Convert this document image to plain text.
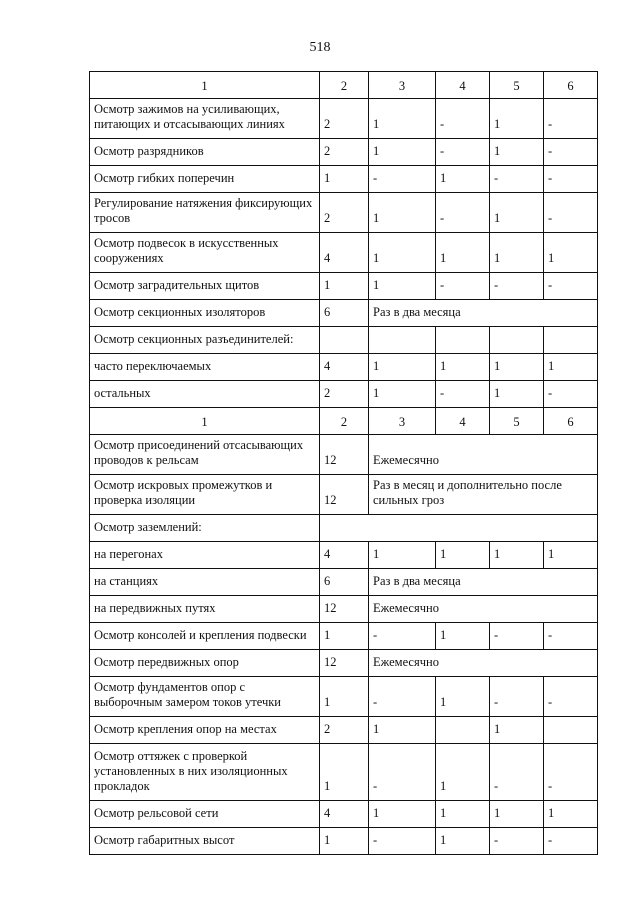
518
1	2	3	4	5	6
Осмотр зажимов на усиливающих, питающих и отсасывающих линиях	2	1	-	1	-
Осмотр разрядников	2	1	-	1	-
Осмотр гибких поперечин	1	-	1	-	-
Регулирование натяжения фиксирующих тросов	2	1	-	1	-
Осмотр подвесок в искусственных сооружениях	4	1	1	1	1
Осмотр заградительных щитов	1	1	-	-	-
Осмотр секционных изоляторов	6	Раз в два месяца			
Осмотр секционных разъединителей:					
часто переключаемых	4	1	1	1	1
остальных	2	1	-	1	-
1	2	3	4	5	6
Осмотр присоединений отсасывающих проводов к рельсам	12	Ежемесячно			
Осмотр искровых промежутков и проверка изоляции	12	Раз в месяц и дополнительно после сильных гроз			
Осмотр заземлений:					
на перегонах	4	1	1	1	1
на станциях	6	Раз в два месяца			
на передвижных путях	12	Ежемесячно			
Осмотр консолей и крепления подвески	1	-	1	-	-
Осмотр передвижных опор	12	Ежемесячно			
Осмотр фундаментов опор с выборочным замером токов утечки	1	-	1	-	-
Осмотр крепления опор на местах	2	1		1	
Осмотр оттяжек с проверкой установленных в них изоляционных прокладок	1	-	1	-	-
Осмотр рельсовой сети	4	1	1	1	1
Осмотр габаритных высот	1	-	1	-	-
